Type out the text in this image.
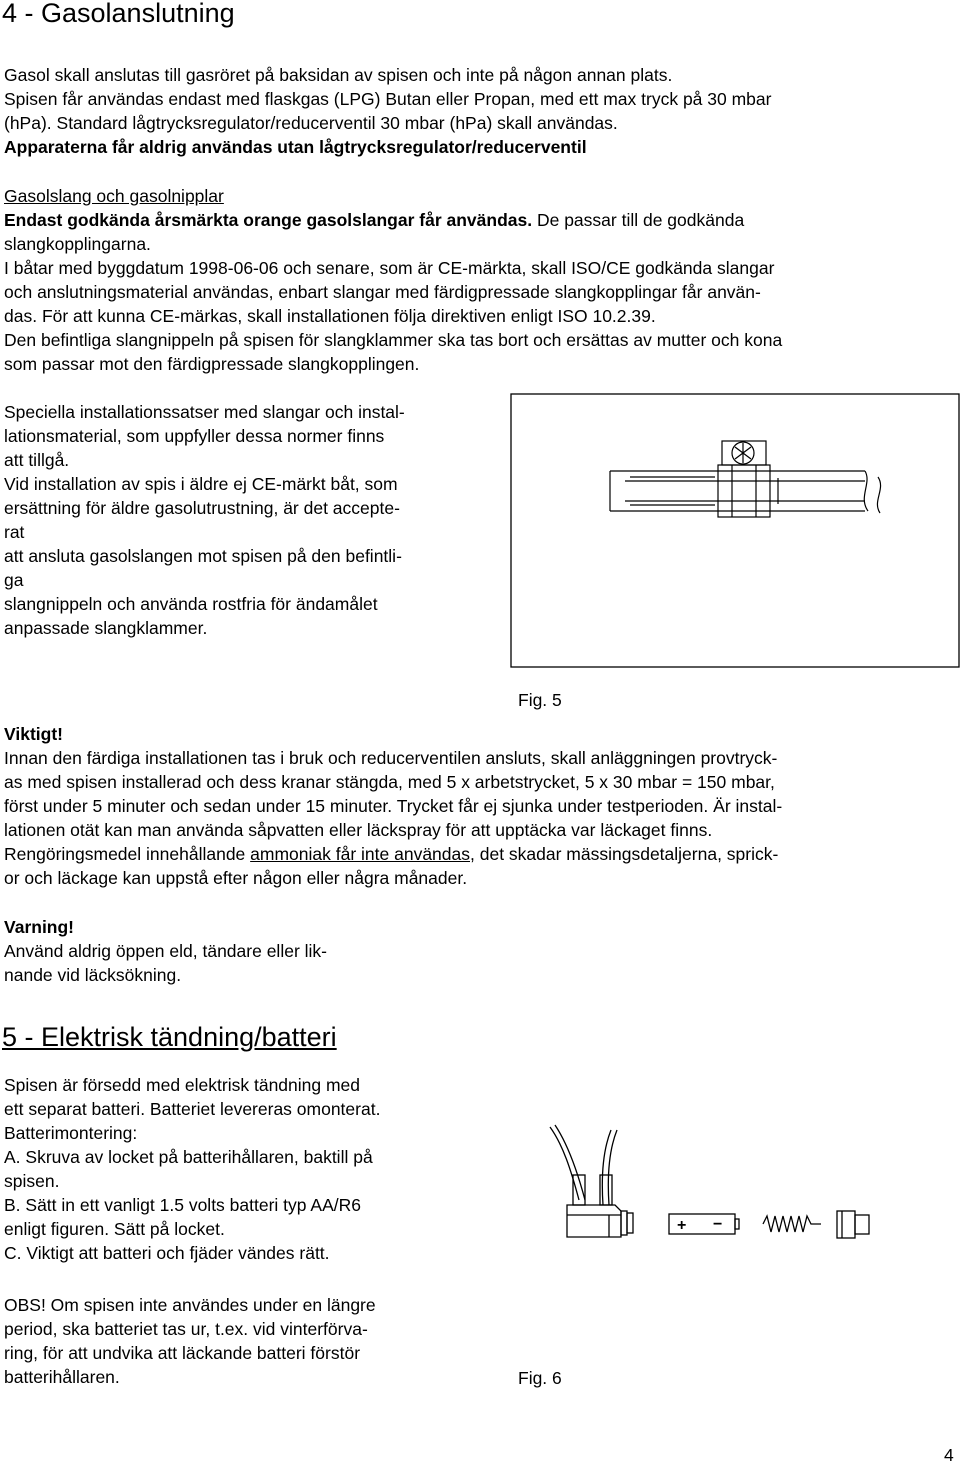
4 - Gasolanslutning
Gasol skall anslutas till gasröret på baksidan av spisen och inte på någon annan plats.
Spisen får användas endast med flaskgas (LPG) Butan eller Propan, med ett max tryck på 30 mbar
(hPa). Standard lågtrycksregulator/reducerventil 30 mbar (hPa) skall användas.
Apparaterna får aldrig användas utan lågtrycksregulator/reducerventil
Gasolslang och gasolnipplar
Endast godkända årsmärkta orange gasolslangar får användas. De passar till de godkända
slangkopplingarna.
I båtar med byggdatum 1998-06-06 och senare, som är CE-märkta, skall ISO/CE godkända slangar
och anslutningsmaterial användas, enbart slangar med färdigpressade slangkopplingar får använ-
das. För att kunna CE-märkas, skall installationen följa direktiven enligt ISO 10.2.39.
Den befintliga slangnippeln på spisen för slangklammer ska tas bort och ersättas av mutter och kona
som passar mot den färdigpressade slangkopplingen.
Speciella installationssatser med slangar och instal-
lationsmaterial, som uppfyller dessa normer finns
att tillgå.
Vid installation av spis i äldre ej CE-märkt båt, som
ersättning för äldre gasolutrustning, är det accepte-
rat
att ansluta gasolslangen mot spisen på den befintli-
ga
slangnippeln och använda rostfria för ändamålet
anpassade slangklammer.
Fig. 5
Viktigt!
Innan den färdiga installationen tas i bruk och reducerventilen ansluts, skall anläggningen provtryck-
as med spisen installerad och dess kranar stängda, med 5 x arbetstrycket, 5 x 30 mbar = 150 mbar,
först under 5 minuter och sedan under 15 minuter. Trycket får ej sjunka under testperioden. Är instal-
lationen otät kan man använda såpvatten eller läckspray för att upptäcka var läckaget finns.
Rengöringsmedel innehållande ammoniak får inte användas, det skadar mässingsdetaljerna, sprick-
or och läckage kan uppstå efter någon eller några månader.
Varning!
Använd aldrig öppen eld, tändare eller lik-
nande vid läcksökning.
5 - Elektrisk tändning/batteri
Spisen är försedd med elektrisk tändning med
ett separat batteri. Batteriet levereras omonterat.
Batterimontering:
A. Skruva av locket på batterihållaren, baktill på
spisen.
B. Sätt in ett vanligt 1.5 volts batteri typ AA/R6
enligt figuren. Sätt på locket.
C. Viktigt att batteri och fjäder vändes rätt.
OBS! Om spisen inte användes under en längre
period, ska batteriet tas ur, t.ex. vid vinterförva-
ring, för att undvika att läckande batteri förstör
batterihållaren.
+ −
Fig. 6
4
